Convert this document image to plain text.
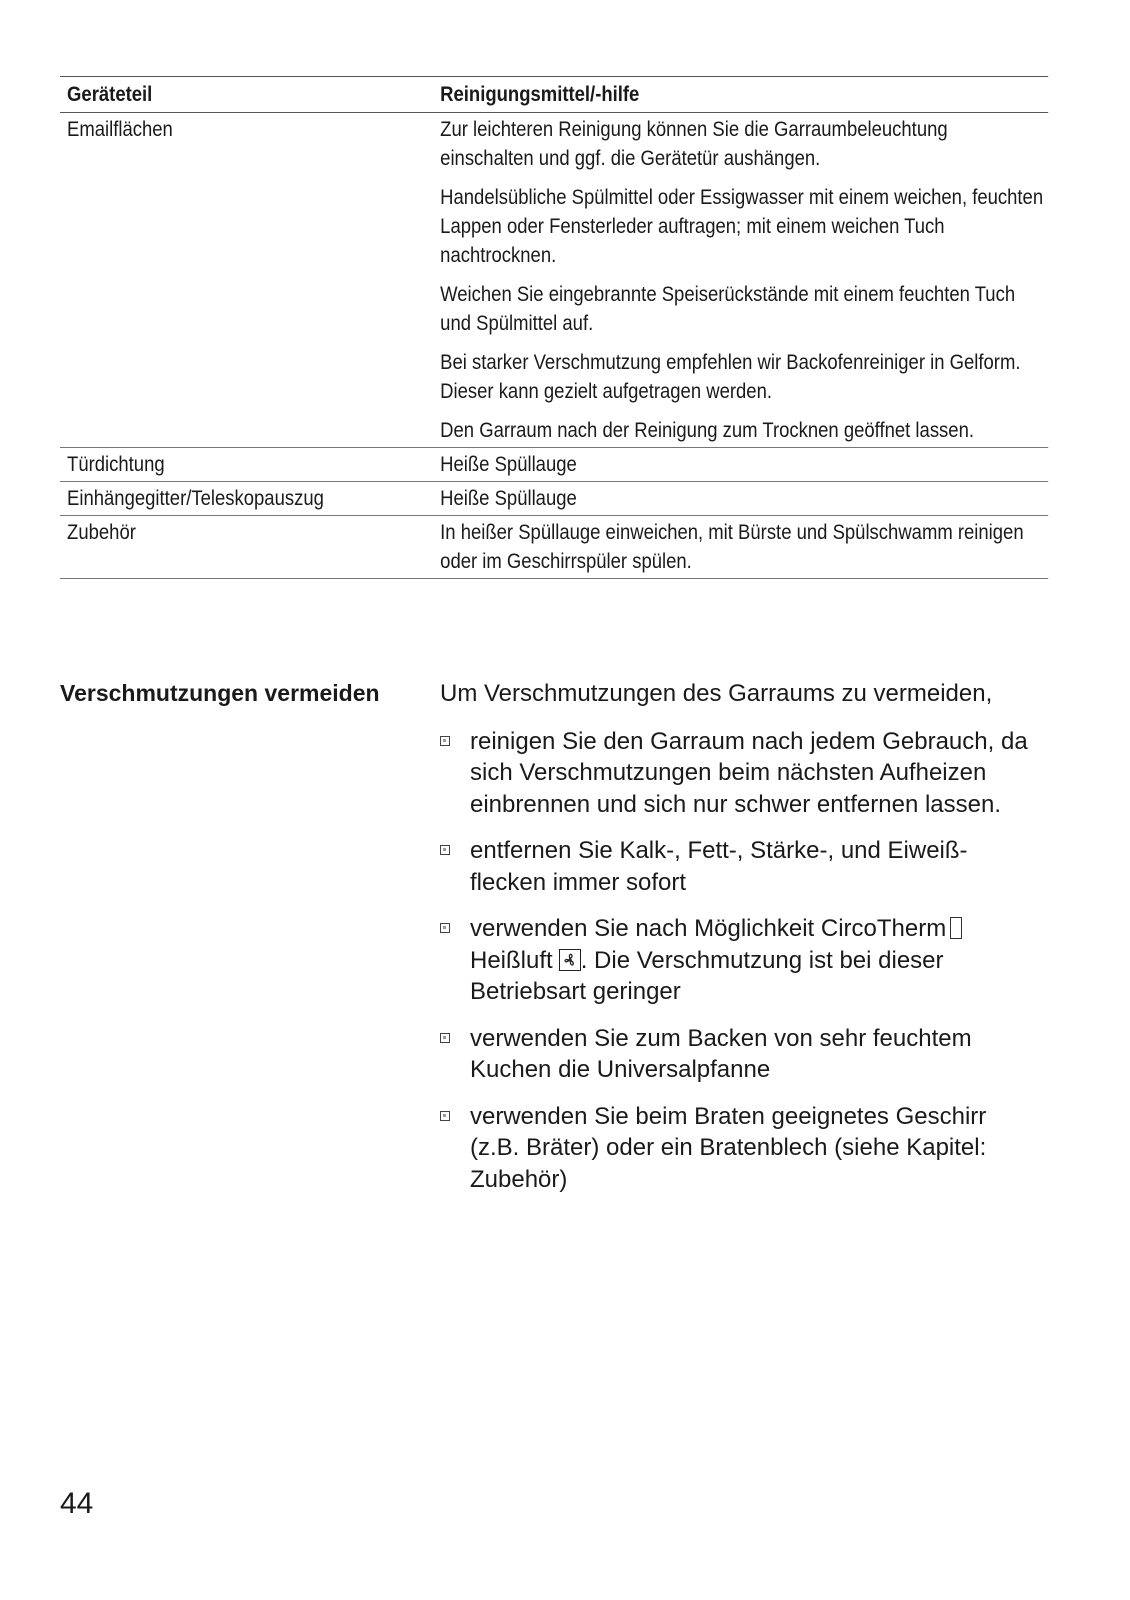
Geräteteil	Reinigungsmittel/-hilfe
Emailflächen	Zur leichteren Reinigung können Sie die Garraumbeleuchtung einschalten und ggf. die Gerätetür aushängen.

Handelsübliche Spülmittel oder Essigwasser mit einem weichen, feuchten Lappen oder Fensterleder auftragen; mit einem weichen Tuch nachtrocknen.

Weichen Sie eingebrannte Speiserückstände mit einem feuchten Tuch und Spülmittel auf.

Bei starker Verschmutzung empfehlen wir Backofenreiniger in Gelform. Dieser kann gezielt aufgetragen werden.

Den Garraum nach der Reinigung zum Trocknen geöffnet lassen.

Türdichtung	Heiße Spüllauge

Einhängegitter/Teleskopauszug	Heiße Spüllauge

Zubehör	In heißer Spüllauge einweichen, mit Bürste und Spülschwamm reinigen oder im Geschirrspüler spülen.

Verschmutzungen vermeiden	Um Verschmutzungen des Garraums zu vermeiden,

reinigen Sie den Garraum nach jedem Gebrauch, da sich Verschmutzungen beim nächsten Aufheizen einbrennen und sich nur schwer entfernen lassen.
entfernen Sie Kalk-, Fett-, Stärke-, und Eiweiß-flecken immer sofort
verwenden Sie nach Möglichkeit CircoThermHeißluft . Die Verschmutzung ist bei dieser Betriebsart geringer
verwenden Sie zum Backen von sehr feuchtem Kuchen die Universalpfanne
verwenden Sie beim Braten geeignetes Geschirr (z.B. Bräter) oder ein Bratenblech (siehe Kapitel: Zubehör)
44
